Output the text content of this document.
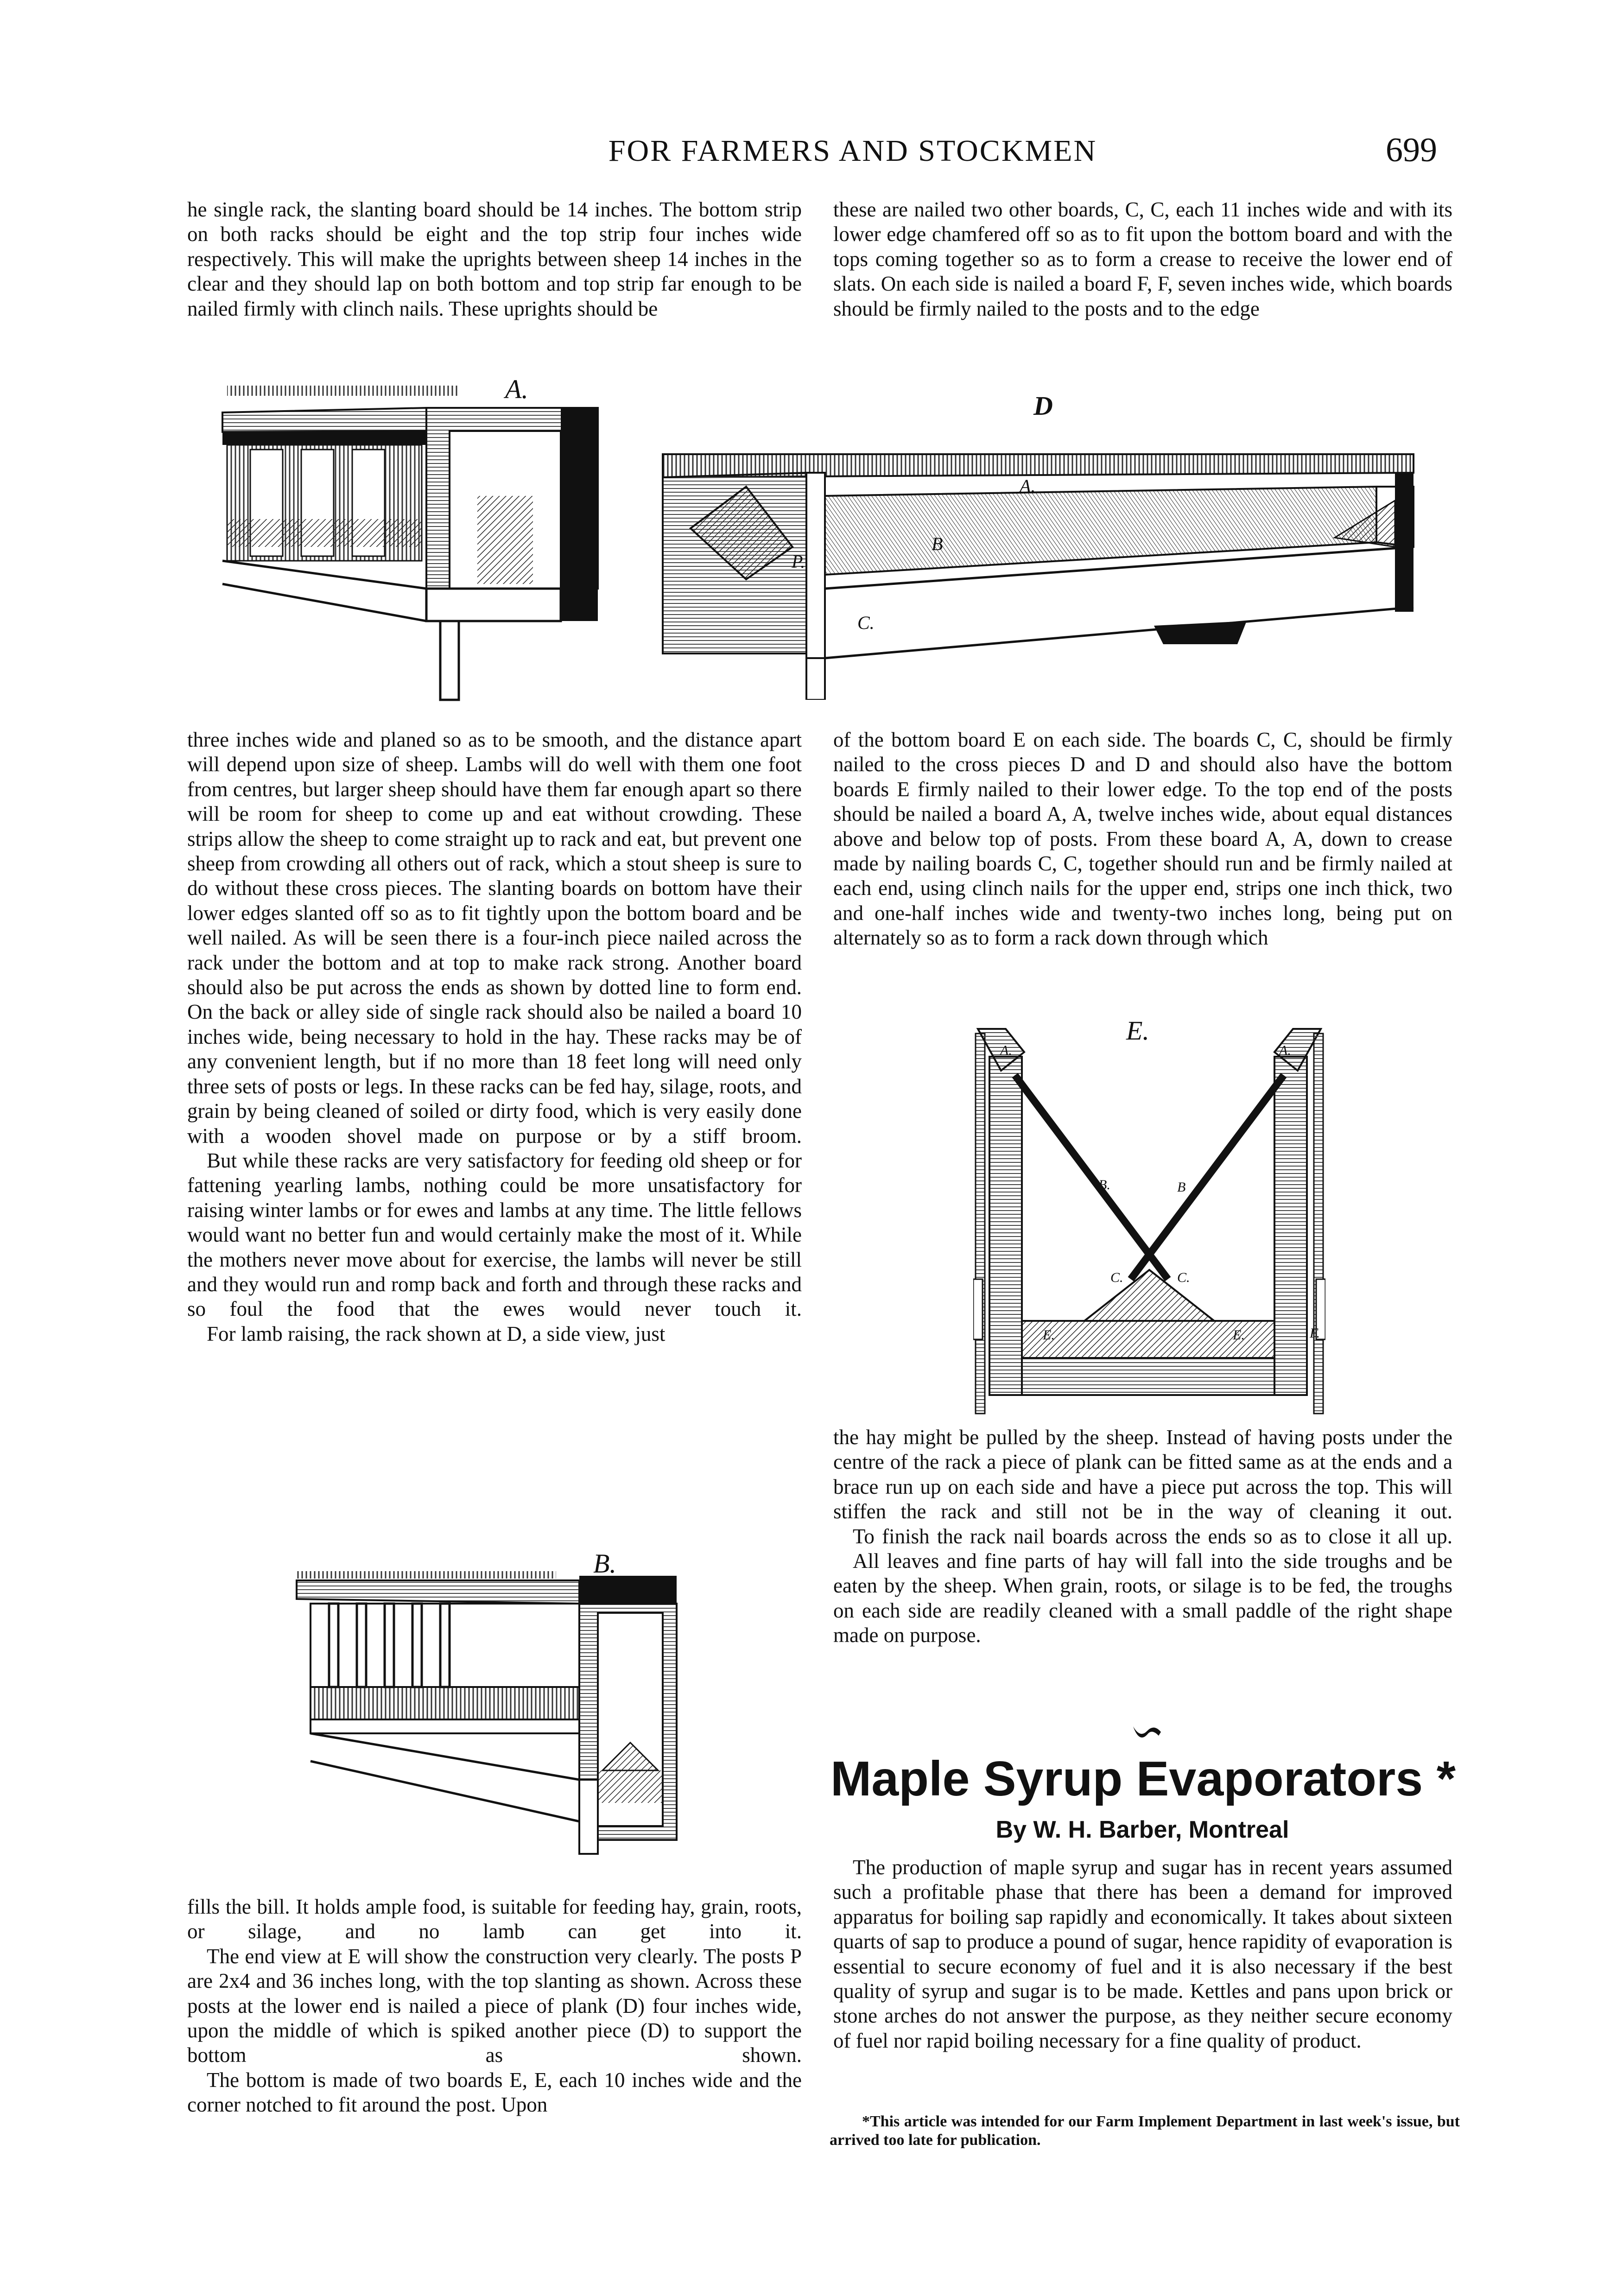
FOR FARMERS AND STOCKMEN	699

he single rack, the slanting board should be 14 inches. The bottom strip on both racks should be eight and the top strip four inches wide respectively. This will make the uprights between sheep 14 inches in the clear and they should lap on both bottom and top strip far enough to be nailed firmly with clinch nails. These uprights should be

these are nailed two other boards, C, C, each 11 inches wide and with its lower edge chamfered off so as to fit upon the bottom board and with the tops coming together so as to form a crease to receive the lower end of slats. On each side is nailed a board F, F, seven inches wide, which boards should be firmly nailed to the posts and to the edge

A.
D
A.
B
P.
C.

three inches wide and planed so as to be smooth, and the distance apart will depend upon size of sheep. Lambs will do well with them one foot from centres, but larger sheep should have them far enough apart so there will be room for sheep to come up and eat without crowding. These strips allow the sheep to come straight up to rack and eat, but prevent one sheep from crowding all others out of rack, which a stout sheep is sure to do without these cross pieces. The slanting boards on bottom have their lower edges slanted off so as to fit tightly upon the bottom board and be well nailed. As will be seen there is a four-inch piece nailed across the rack under the bottom and at top to make rack strong. Another board should also be put across the ends as shown by dotted line to form end. On the back or alley side of single rack should also be nailed a board 10 inches wide, being necessary to hold in the hay. These racks may be of any convenient length, but if no more than 18 feet long will need only three sets of posts or legs. In these racks can be fed hay, silage, roots, and grain by being cleaned of soiled or dirty food, which is very easily done with a wooden shovel made on purpose or by a stiff broom.

But while these racks are very satisfactory for feeding old sheep or for fattening yearling lambs, nothing could be more unsatisfactory for raising winter lambs or for ewes and lambs at any time. The little fellows would want no better fun and would certainly make the most of it. While the mothers never move about for exercise, the lambs will never be still and they would run and romp back and forth and through these racks and so foul the food that the ewes would never touch it.

For lamb raising, the rack shown at D, a side view, just

of the bottom board E on each side. The boards C, C, should be firmly nailed to the cross pieces D and D and should also have the bottom boards E firmly nailed to their lower edge. To the top end of the posts should be nailed a board A, A, twelve inches wide, about equal distances above and below top of posts. From these board A, A, down to crease made by nailing boards C, C, together should run and be firmly nailed at each end, using clinch nails for the upper end, strips one inch thick, two and one-half inches wide and twenty-two inches long, being put on alternately so as to form a rack down through which

E.
A.	A.
B.	B
C.	C.
E.	E.	F.

the hay might be pulled by the sheep. Instead of having posts under the centre of the rack a piece of plank can be fitted same as at the ends and a brace run up on each side and have a piece put across the top. This will stiffen the rack and still not be in the way of cleaning it out.

To finish the rack nail boards across the ends so as to close it all up.

All leaves and fine parts of hay will fall into the side troughs and be eaten by the sheep. When grain, roots, or silage is to be fed, the troughs on each side are readily cleaned with a small paddle of the right shape made on purpose.

B.

fills the bill. It holds ample food, is suitable for feeding hay, grain, roots, or silage, and no lamb can get into it.

The end view at E will show the construction very clearly. The posts P are 2x4 and 36 inches long, with the top slanting as shown. Across these posts at the lower end is nailed a piece of plank (D) four inches wide, upon the middle of which is spiked another piece (D) to support the bottom as shown.

The bottom is made of two boards E, E, each 10 inches wide and the corner notched to fit around the post. Upon

Maple Syrup Evaporators *
By W. H. Barber, Montreal

The production of maple syrup and sugar has in recent years assumed such a profitable phase that there has been a demand for improved apparatus for boiling sap rapidly and economically. It takes about sixteen quarts of sap to produce a pound of sugar, hence rapidity of evaporation is essential to secure economy of fuel and it is also necessary if the best quality of syrup and sugar is to be made. Kettles and pans upon brick or stone arches do not answer the purpose, as they neither secure economy of fuel nor rapid boiling necessary for a fine quality of product.

*This article was intended for our Farm Implement Department in last week's issue, but arrived too late for publication.
